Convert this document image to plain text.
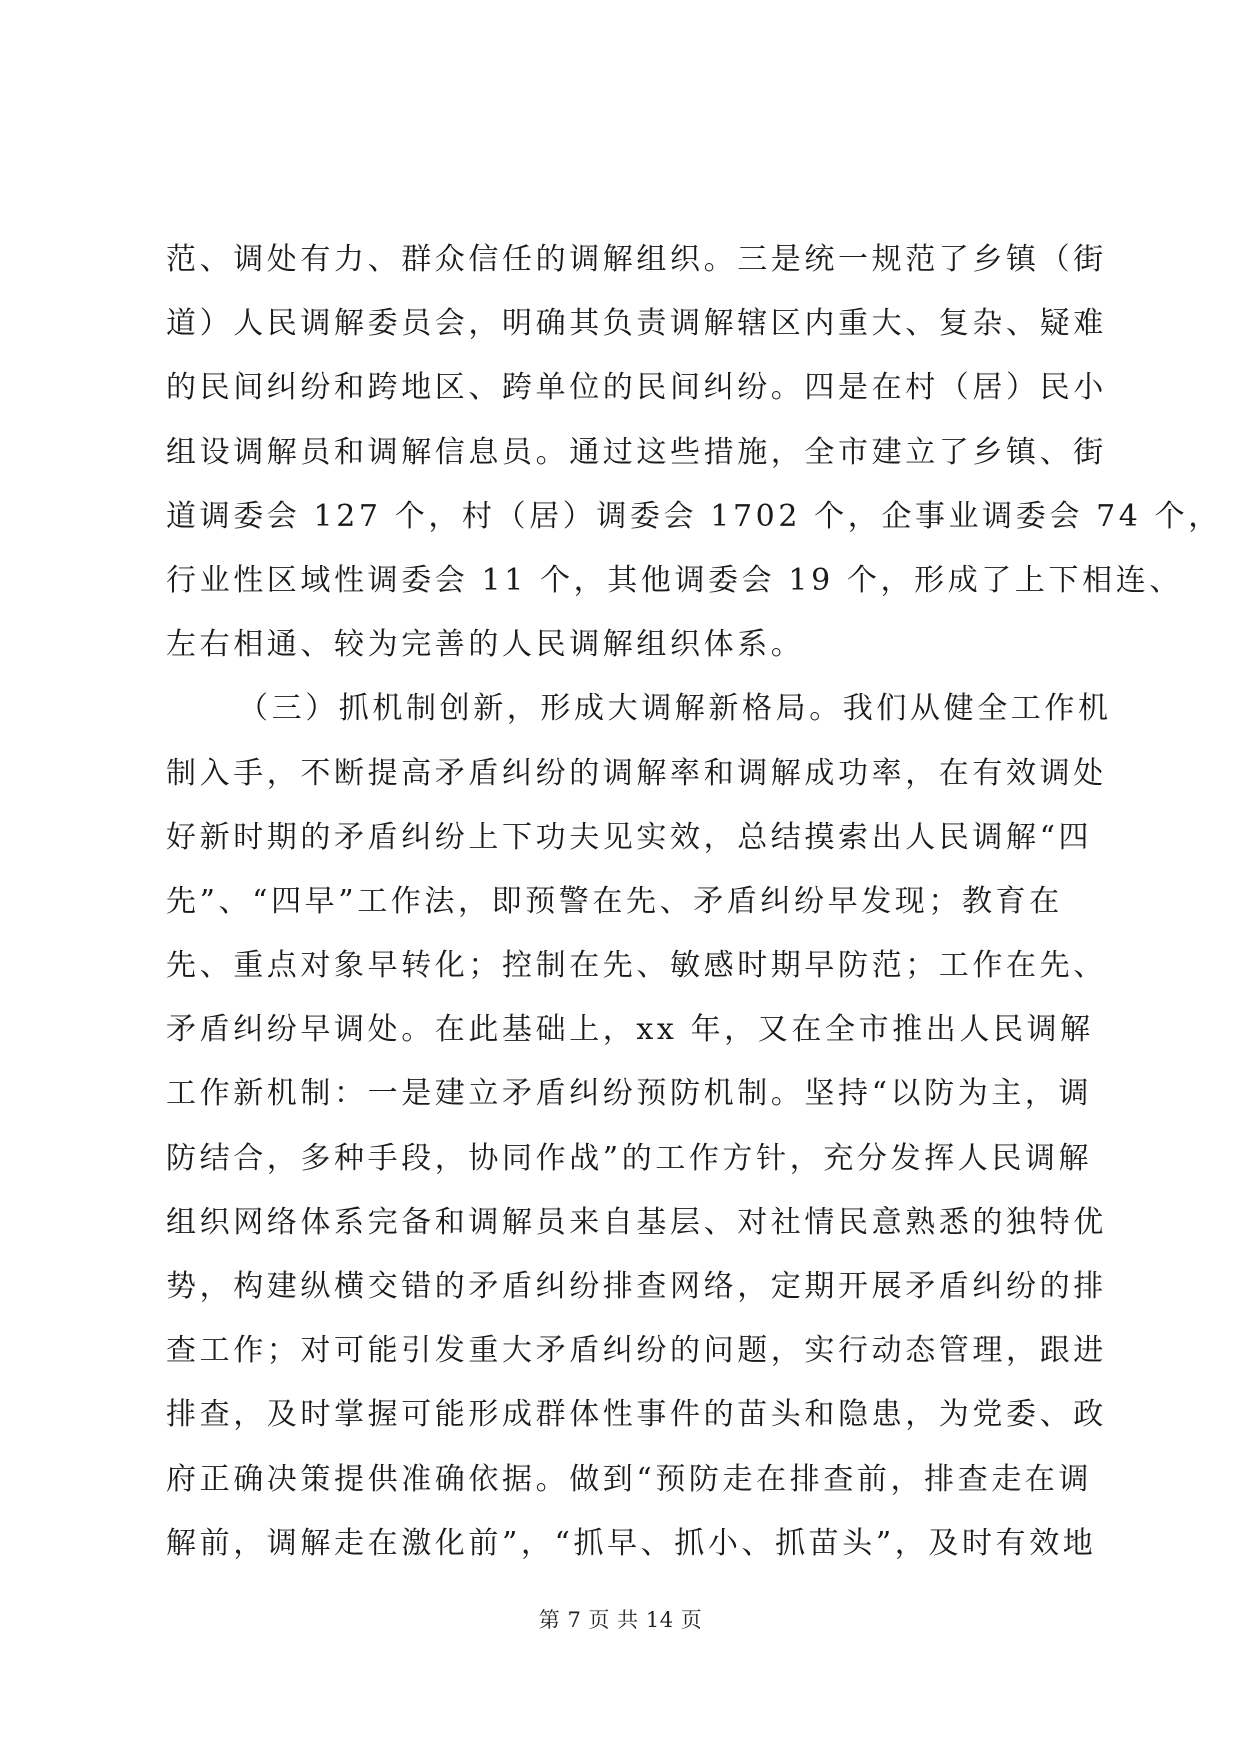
范、调处有力、群众信任的调解组织。三是统一规范了乡镇（街
道）人民调解委员会，明确其负责调解辖区内重大、复杂、疑难
的民间纠纷和跨地区、跨单位的民间纠纷。四是在村（居）民小
组设调解员和调解信息员。通过这些措施，全市建立了乡镇、街
道调委会 127 个，村（居）调委会 1702 个，企事业调委会 74 个，
行业性区域性调委会 11 个，其他调委会 19 个，形成了上下相连、
左右相通、较为完善的人民调解组织体系。
（三）抓机制创新，形成大调解新格局。我们从健全工作机
制入手，不断提高矛盾纠纷的调解率和调解成功率，在有效调处
好新时期的矛盾纠纷上下功夫见实效，总结摸索出人民调解“四
先”、“四早”工作法，即预警在先、矛盾纠纷早发现；教育在
先、重点对象早转化；控制在先、敏感时期早防范；工作在先、
矛盾纠纷早调处。在此基础上，xx 年，又在全市推出人民调解
工作新机制：一是建立矛盾纠纷预防机制。坚持“以防为主，调
防结合，多种手段，协同作战”的工作方针，充分发挥人民调解
组织网络体系完备和调解员来自基层、对社情民意熟悉的独特优
势，构建纵横交错的矛盾纠纷排查网络，定期开展矛盾纠纷的排
查工作；对可能引发重大矛盾纠纷的问题，实行动态管理，跟进
排查，及时掌握可能形成群体性事件的苗头和隐患，为党委、政
府正确决策提供准确依据。做到“预防走在排查前，排查走在调
解前，调解走在激化前”，“抓早、抓小、抓苗头”，及时有效地
第 7 页 共 14 页
